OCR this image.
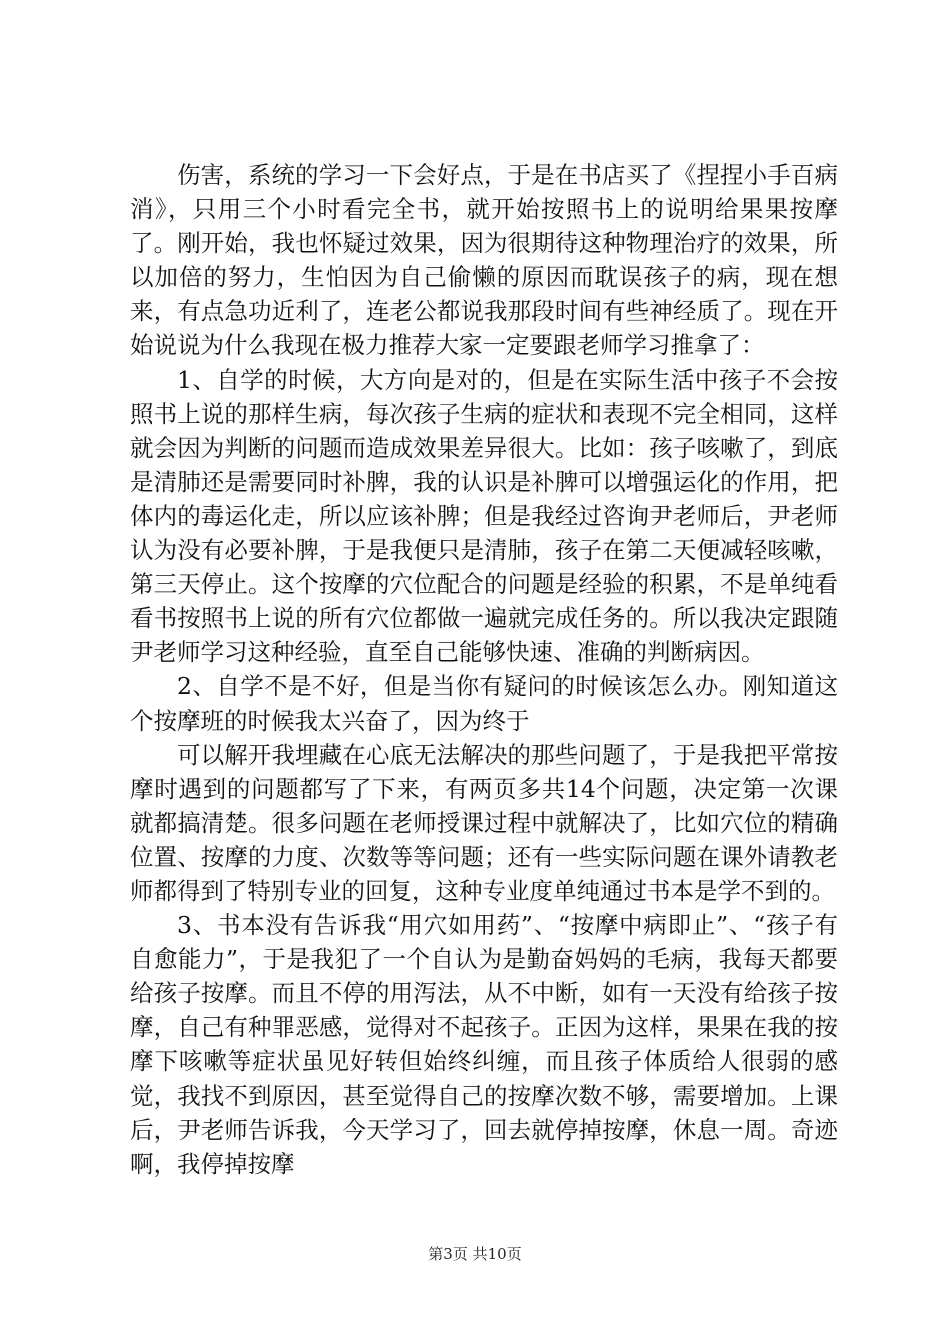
伤害，系统的学习一下会好点，于是在书店买了《捏捏小手百病消》，只用三个小时看完全书，就开始按照书上的说明给果果按摩了。刚开始，我也怀疑过效果，因为很期待这种物理治疗的效果，所以加倍的努力，生怕因为自己偷懒的原因而耽误孩子的病，现在想来，有点急功近利了，连老公都说我那段时间有些神经质了。现在开始说说为什么我现在极力推荐大家一定要跟老师学习推拿了：

1、自学的时候，大方向是对的，但是在实际生活中孩子不会按照书上说的那样生病，每次孩子生病的症状和表现不完全相同，这样就会因为判断的问题而造成效果差异很大。比如：孩子咳嗽了，到底是清肺还是需要同时补脾，我的认识是补脾可以增强运化的作用，把体内的毒运化走，所以应该补脾；但是我经过咨询尹老师后，尹老师认为没有必要补脾，于是我便只是清肺，孩子在第二天便减轻咳嗽，第三天停止。这个按摩的穴位配合的问题是经验的积累，不是单纯看看书按照书上说的所有穴位都做一遍就完成任务的。所以我决定跟随尹老师学习这种经验，直至自己能够快速、准确的判断病因。

2、自学不是不好，但是当你有疑问的时候该怎么办。刚知道这个按摩班的时候我太兴奋了，因为终于

可以解开我埋藏在心底无法解决的那些问题了，于是我把平常按摩时遇到的问题都写了下来，有两页多共14个问题，决定第一次课就都搞清楚。很多问题在老师授课过程中就解决了，比如穴位的精确位置、按摩的力度、次数等等问题；还有一些实际问题在课外请教老师都得到了特别专业的回复，这种专业度单纯通过书本是学不到的。

3、书本没有告诉我“用穴如用药”、“按摩中病即止”、“孩子有自愈能力”，于是我犯了一个自认为是勤奋妈妈的毛病，我每天都要给孩子按摩。而且不停的用泻法，从不中断，如有一天没有给孩子按摩，自己有种罪恶感，觉得对不起孩子。正因为这样，果果在我的按摩下咳嗽等症状虽见好转但始终纠缠，而且孩子体质给人很弱的感觉，我找不到原因，甚至觉得自己的按摩次数不够，需要增加。上课后，尹老师告诉我，今天学习了，回去就停掉按摩，休息一周。奇迹啊，我停掉按摩

第3页 共10页
